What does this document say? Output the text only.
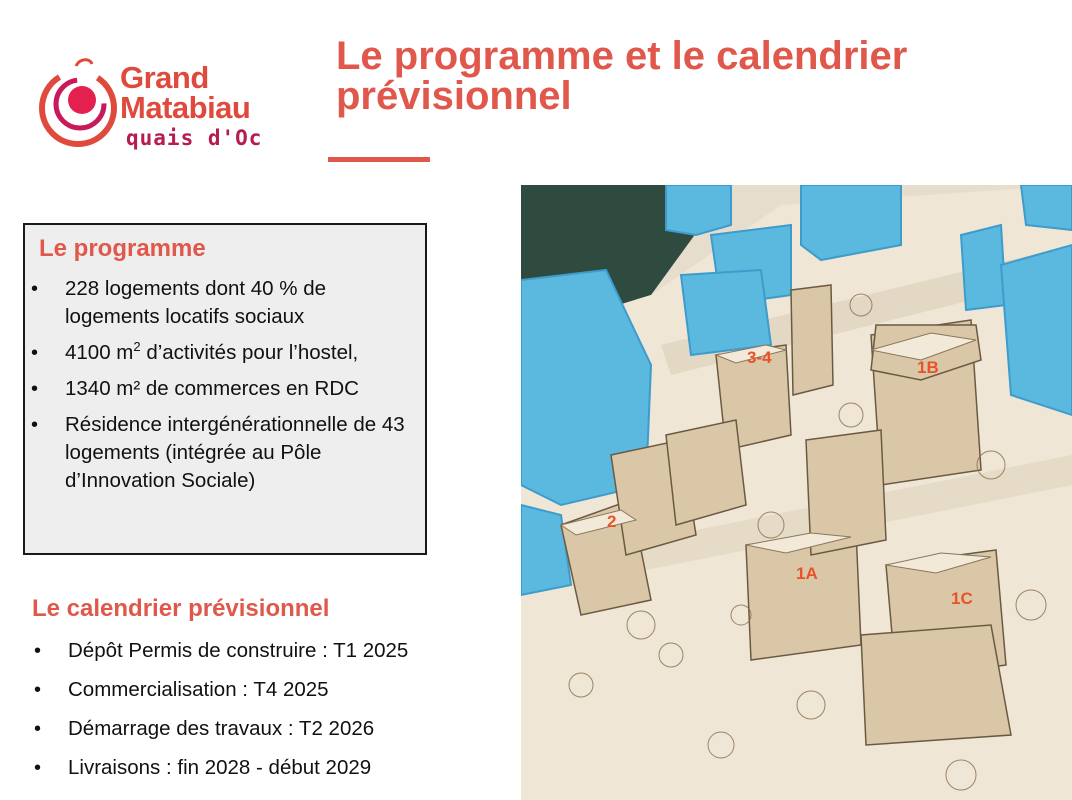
Grand
Matabiau
quais d'Oc
Le programme et le calendrier
prévisionnel
Le programme
• 228 logements dont 40 % de logements locatifs sociaux
• 4100 $m^2$ d’activités pour l’hostel,
• 1340 m² de commerces en RDC
• Résidence intergénérationnelle de 43 logements (intégrée au Pôle d’Innovation Sociale)
Le calendrier prévisionnel
• Dépôt Permis de construire : T1 2025
• Commercialisation : T4 2025
• Démarrage des travaux : T2 2026
• Livraisons : fin 2028 - début 2029
3-4
1B
2
1A
1C
